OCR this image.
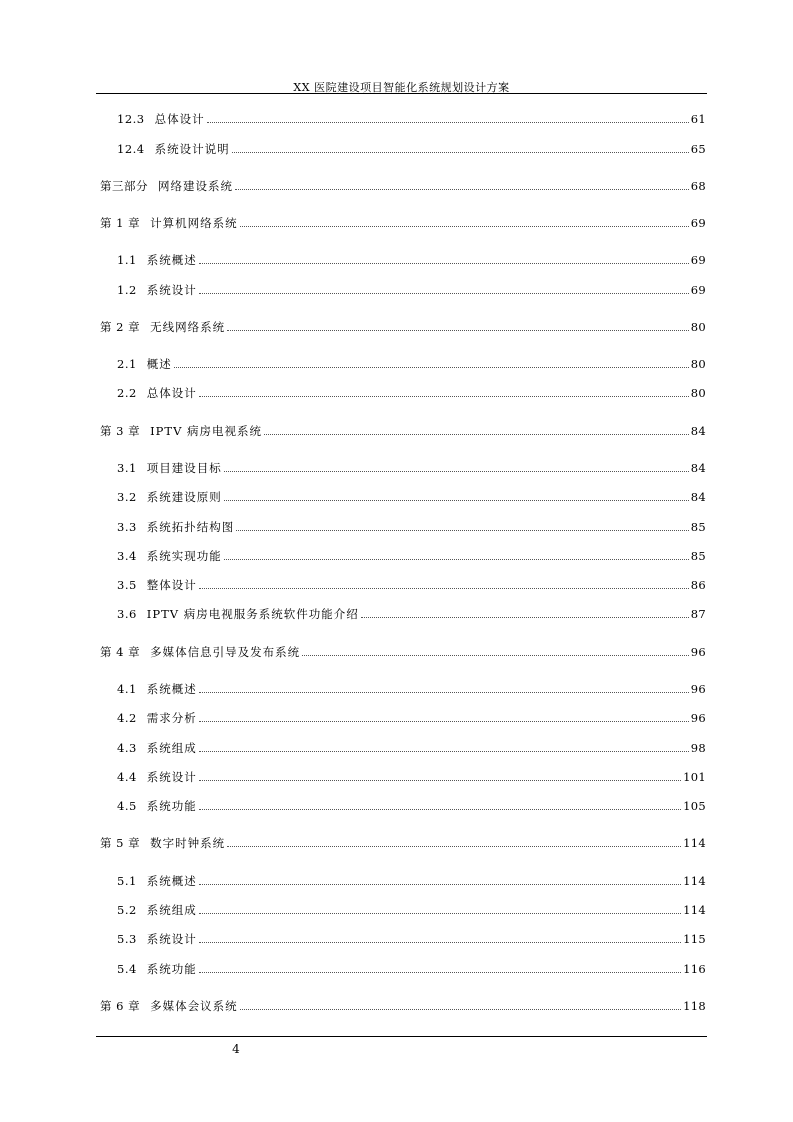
XX 医院建设项目智能化系统规划设计方案
12.3 总体设计	61
12.4 系统设计说明	65
第三部分 网络建设系统	68
第 1 章 计算机网络系统	69
1.1 系统概述	69
1.2 系统设计	69
第 2 章 无线网络系统	80
2.1 概述	80
2.2 总体设计	80
第 3 章 IPTV 病房电视系统	84
3.1 项目建设目标	84
3.2 系统建设原则	84
3.3 系统拓扑结构图	85
3.4 系统实现功能	85
3.5 整体设计	86
3.6 IPTV 病房电视服务系统软件功能介绍	87
第 4 章 多媒体信息引导及发布系统	96
4.1 系统概述	96
4.2 需求分析	96
4.3 系统组成	98
4.4 系统设计	101
4.5 系统功能	105
第 5 章 数字时钟系统	114
5.1 系统概述	114
5.2 系统组成	114
5.3 系统设计	115
5.4 系统功能	116
第 6 章 多媒体会议系统	118
4
